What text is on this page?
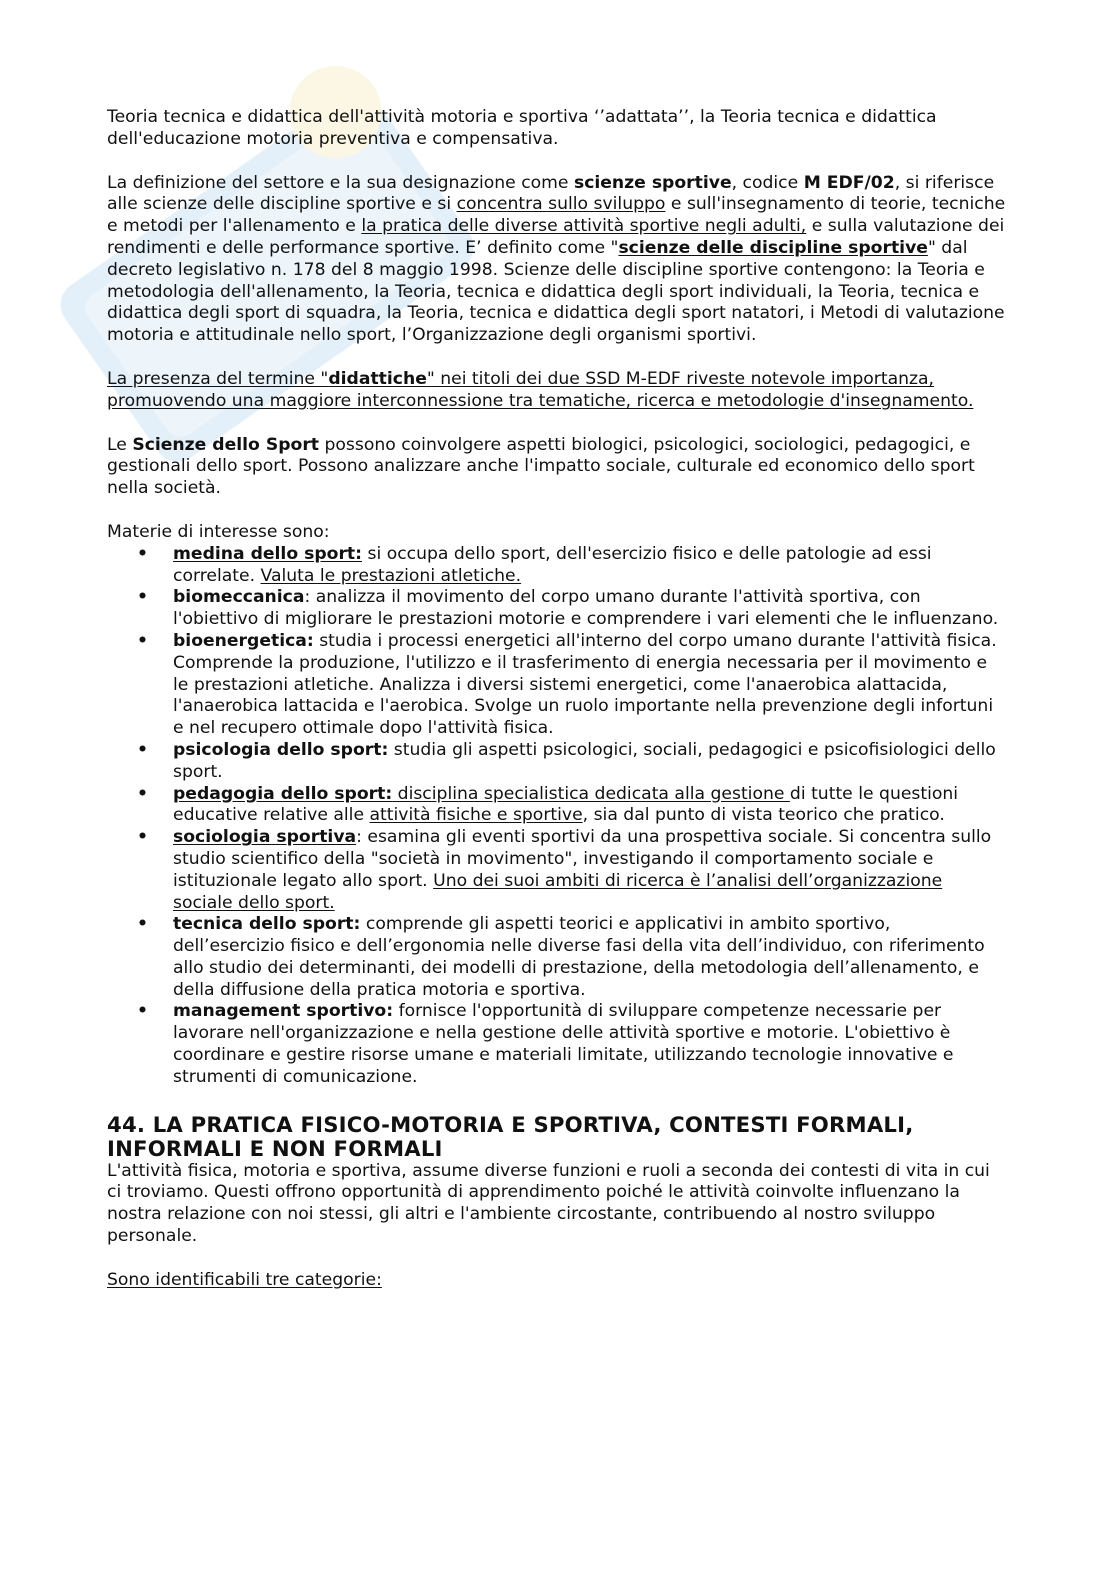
Teoria tecnica e didattica dell'attività motoria e sportiva ‘’adattata’’, la Teoria tecnica e didattica dell'educazione motoria preventiva e compensativa.

La definizione del settore e la sua designazione come scienze sportive, codice M EDF/02, si riferisce alle scienze delle discipline sportive e si concentra sullo sviluppo e sull'insegnamento di teorie, tecniche e metodi per l'allenamento e la pratica delle diverse attività sportive negli adulti, e sulla valutazione dei rendimenti e delle performance sportive. E’ definito come "scienze delle discipline sportive" dal decreto legislativo n. 178 del 8 maggio 1998. Scienze delle discipline sportive contengono: la Teoria e metodologia dell'allenamento, la Teoria, tecnica e didattica degli sport individuali, la Teoria, tecnica e didattica degli sport di squadra, la Teoria, tecnica e didattica degli sport natatori, i Metodi di valutazione motoria e attitudinale nello sport, l’Organizzazione degli organismi sportivi.

La presenza del termine "didattiche" nei titoli dei due SSD M-EDF riveste notevole importanza, promuovendo una maggiore interconnessione tra tematiche, ricerca e metodologie d'insegnamento.

Le Scienze dello Sport possono coinvolgere aspetti biologici, psicologici, sociologici, pedagogici, e gestionali dello sport. Possono analizzare anche l'impatto sociale, culturale ed economico dello sport nella società.

Materie di interesse sono:

• medina dello sport: si occupa dello sport, dell'esercizio fisico e delle patologie ad essi correlate. Valuta le prestazioni atletiche.
• biomeccanica: analizza il movimento del corpo umano durante l'attività sportiva, con l'obiettivo di migliorare le prestazioni motorie e comprendere i vari elementi che le influenzano.
• bioenergetica: studia i processi energetici all'interno del corpo umano durante l'attività fisica. Comprende la produzione, l'utilizzo e il trasferimento di energia necessaria per il movimento e le prestazioni atletiche. Analizza i diversi sistemi energetici, come l'anaerobica alattacida, l'anaerobica lattacida e l'aerobica. Svolge un ruolo importante nella prevenzione degli infortuni e nel recupero ottimale dopo l'attività fisica.
• psicologia dello sport: studia gli aspetti psicologici, sociali, pedagogici e psicofisiologici dello sport.
• pedagogia dello sport: disciplina specialistica dedicata alla gestione di tutte le questioni educative relative alle attività fisiche e sportive, sia dal punto di vista teorico che pratico.
• sociologia sportiva: esamina gli eventi sportivi da una prospettiva sociale. Si concentra sullo studio scientifico della "società in movimento", investigando il comportamento sociale e istituzionale legato allo sport. Uno dei suoi ambiti di ricerca è l’analisi dell’organizzazione sociale dello sport.
• tecnica dello sport: comprende gli aspetti teorici e applicativi in ambito sportivo, dell’esercizio fisico e dell’ergonomia nelle diverse fasi della vita dell’individuo, con riferimento allo studio dei determinanti, dei modelli di prestazione, della metodologia dell’allenamento, e della diffusione della pratica motoria e sportiva.
• management sportivo: fornisce l'opportunità di sviluppare competenze necessarie per lavorare nell'organizzazione e nella gestione delle attività sportive e motorie. L'obiettivo è coordinare e gestire risorse umane e materiali limitate, utilizzando tecnologie innovative e strumenti di comunicazione.
44. LA PRATICA FISICO-MOTORIA E SPORTIVA, CONTESTI FORMALI, INFORMALI E NON FORMALI

L'attività fisica, motoria e sportiva, assume diverse funzioni e ruoli a seconda dei contesti di vita in cui ci troviamo. Questi offrono opportunità di apprendimento poiché le attività coinvolte influenzano la nostra relazione con noi stessi, gli altri e l'ambiente circostante, contribuendo al nostro sviluppo personale.

Sono identificabili tre categorie:
